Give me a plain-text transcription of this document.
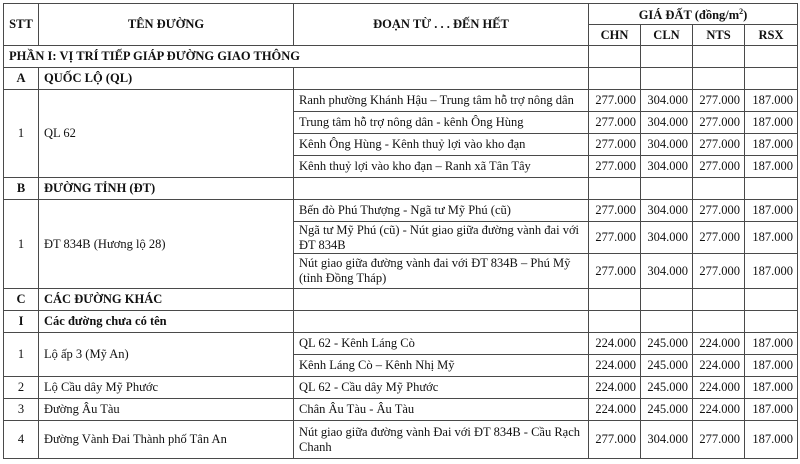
STT	TÊN ĐƯỜNG	ĐOẠN TỪ . . . ĐẾN HẾT	GIÁ ĐẤT $(đồng/m^2)$			
			CHN	CLN	NTS	RSX
PHẦN I: VỊ TRÍ TIẾP GIÁP ĐƯỜNG GIAO THÔNG						
A	QUỐC LỘ (QL)					
1	QL 62	Ranh phường Khánh Hậu – Trung tâm hỗ trợ nông dân	277.000	304.000	277.000	187.000
		Trung tâm hỗ trợ nông dân - kênh Ông Hùng	277.000	304.000	277.000	187.000
		Kênh Ông Hùng - Kênh thuỷ lợi vào kho đạn	277.000	304.000	277.000	187.000
		Kênh thuỷ lợi vào kho đạn – Ranh xã Tân Tây	277.000	304.000	277.000	187.000
B	ĐƯỜNG TỈNH (ĐT)					
1	ĐT 834B (Hương lộ 28)	Bến đò Phú Thượng - Ngã tư Mỹ Phú (cũ)	277.000	304.000	277.000	187.000
		Ngã tư Mỹ Phú (cũ) - Nút giao giữa đường vành đai với ĐT 834B	277.000	304.000	277.000	187.000
		Nút giao giữa đường vành đai với ĐT 834B – Phú Mỹ (tỉnh Đồng Tháp)	277.000	304.000	277.000	187.000
C	CÁC ĐƯỜNG KHÁC					
I	Các đường chưa có tên					
1	Lộ ấp 3 (Mỹ An)	QL 62 - Kênh Láng Cò	224.000	245.000	224.000	187.000
		Kênh Láng Cò – Kênh Nhị Mỹ	224.000	245.000	224.000	187.000
2	Lộ Cầu dây Mỹ Phước	QL 62 - Cầu dây Mỹ Phước	224.000	245.000	224.000	187.000
3	Đường Âu Tàu	Chân Âu Tàu - Âu Tàu	224.000	245.000	224.000	187.000
4	Đường Vành Đai Thành phố Tân An	Nút giao giữa đường vành Đai với ĐT 834B - Cầu Rạch Chanh	277.000	304.000	277.000	187.000
